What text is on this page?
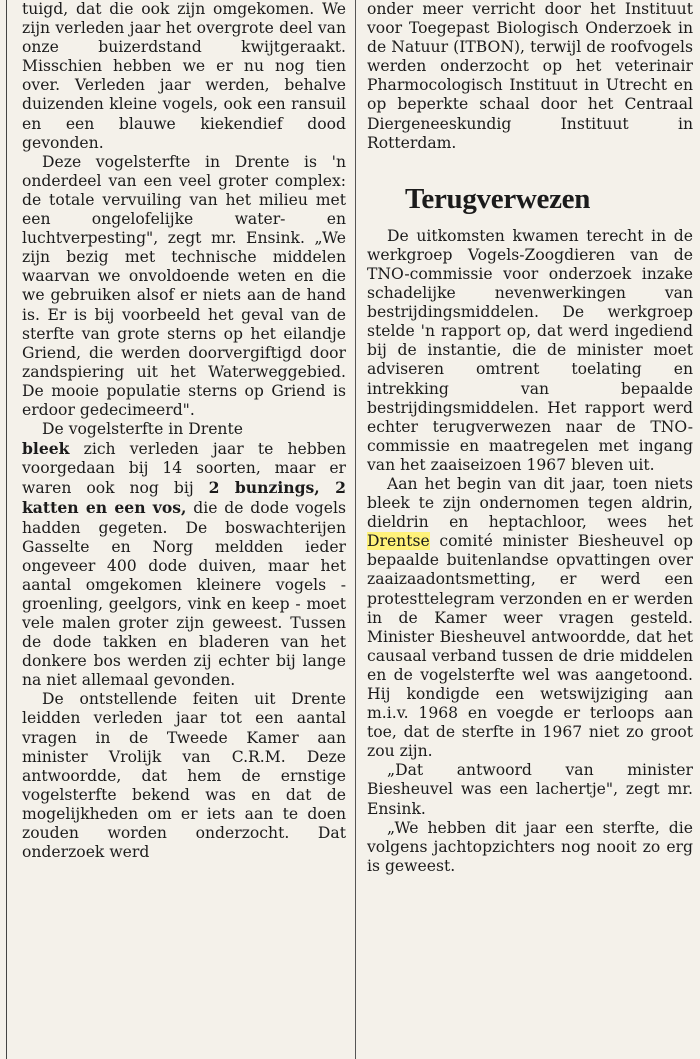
tuigd, dat die ook zijn omgekomen. We zijn verleden jaar het overgrote deel van onze buizerdstand kwijtgeraakt. Misschien hebben we er nu nog tien over. Verleden jaar werden, behalve duizenden kleine vogels, ook een ransuil en een blauwe kiekendief dood gevonden.

Deze vogelsterfte in Drente is 'n onderdeel van een veel groter complex: de totale vervuiling van het milieu met een ongelofelijke water- en luchtverpesting", zegt mr. Ensink. „We zijn bezig met technische middelen waarvan we onvoldoende weten en die we gebruiken alsof er niets aan de hand is. Er is bij voorbeeld het geval van de sterfte van grote sterns op het eilandje Griend, die werden doorvergiftigd door zandspiering uit het Waterweggebied. De mooie populatie sterns op Griend is erdoor gedecimeerd".

De vogelsterfte in Drente
bleek zich verleden jaar te hebben voorgedaan bij 14 soorten, maar er waren ook nog bij 2 bunzings, 2 katten en een vos, die de dode vogels hadden gegeten. De boswachterijen Gasselte en Norg meldden ieder ongeveer 400 dode duiven, maar het aantal omgekomen kleinere vogels - groenling, geelgors, vink en keep - moet vele malen groter zijn geweest. Tussen de dode takken en bladeren van het donkere bos werden zij echter bij lange na niet allemaal gevonden.

De ontstellende feiten uit Drente leidden verleden jaar tot een aantal vragen in de Tweede Kamer aan minister Vrolijk van C.R.M. Deze antwoordde, dat hem de ernstige vogelsterfte bekend was en dat de mogelijkheden om er iets aan te doen zouden worden onderzocht. Dat onderzoek werd

onder meer verricht door het Instituut voor Toegepast Biologisch Onderzoek in de Natuur (ITBON), terwijl de roofvogels werden onderzocht op het veterinair Pharmocologisch Instituut in Utrecht en op beperkte schaal door het Centraal Diergeneeskundig Instituut in Rotterdam.

Terugverwezen

De uitkomsten kwamen terecht in de werkgroep Vogels-Zoogdieren van de TNO-commissie voor onderzoek inzake schadelijke nevenwerkingen van bestrijdingsmiddelen. De werkgroep stelde 'n rapport op, dat werd ingediend bij de instantie, die de minister moet adviseren omtrent toelating en intrekking van bepaalde bestrijdingsmiddelen. Het rapport werd echter terugverwezen naar de TNO-commissie en maatregelen met ingang van het zaaiseizoen 1967 bleven uit.

Aan het begin van dit jaar, toen niets bleek te zijn ondernomen tegen aldrin, dieldrin en heptachloor, wees het Drentse comité minister Biesheuvel op bepaalde buitenlandse opvattingen over zaaizaadontsmetting, er werd een protesttelegram verzonden en er werden in de Kamer weer vragen gesteld. Minister Biesheuvel antwoordde, dat het causaal verband tussen de drie middelen en de vogelsterfte wel was aangetoond. Hij kondigde een wetswijziging aan m.i.v. 1968 en voegde er terloops aan toe, dat de sterfte in 1967 niet zo groot zou zijn.

„Dat antwoord van minister Biesheuvel was een lachertje", zegt mr. Ensink.

„We hebben dit jaar een sterfte, die volgens jachtopzichters nog nooit zo erg is geweest.
